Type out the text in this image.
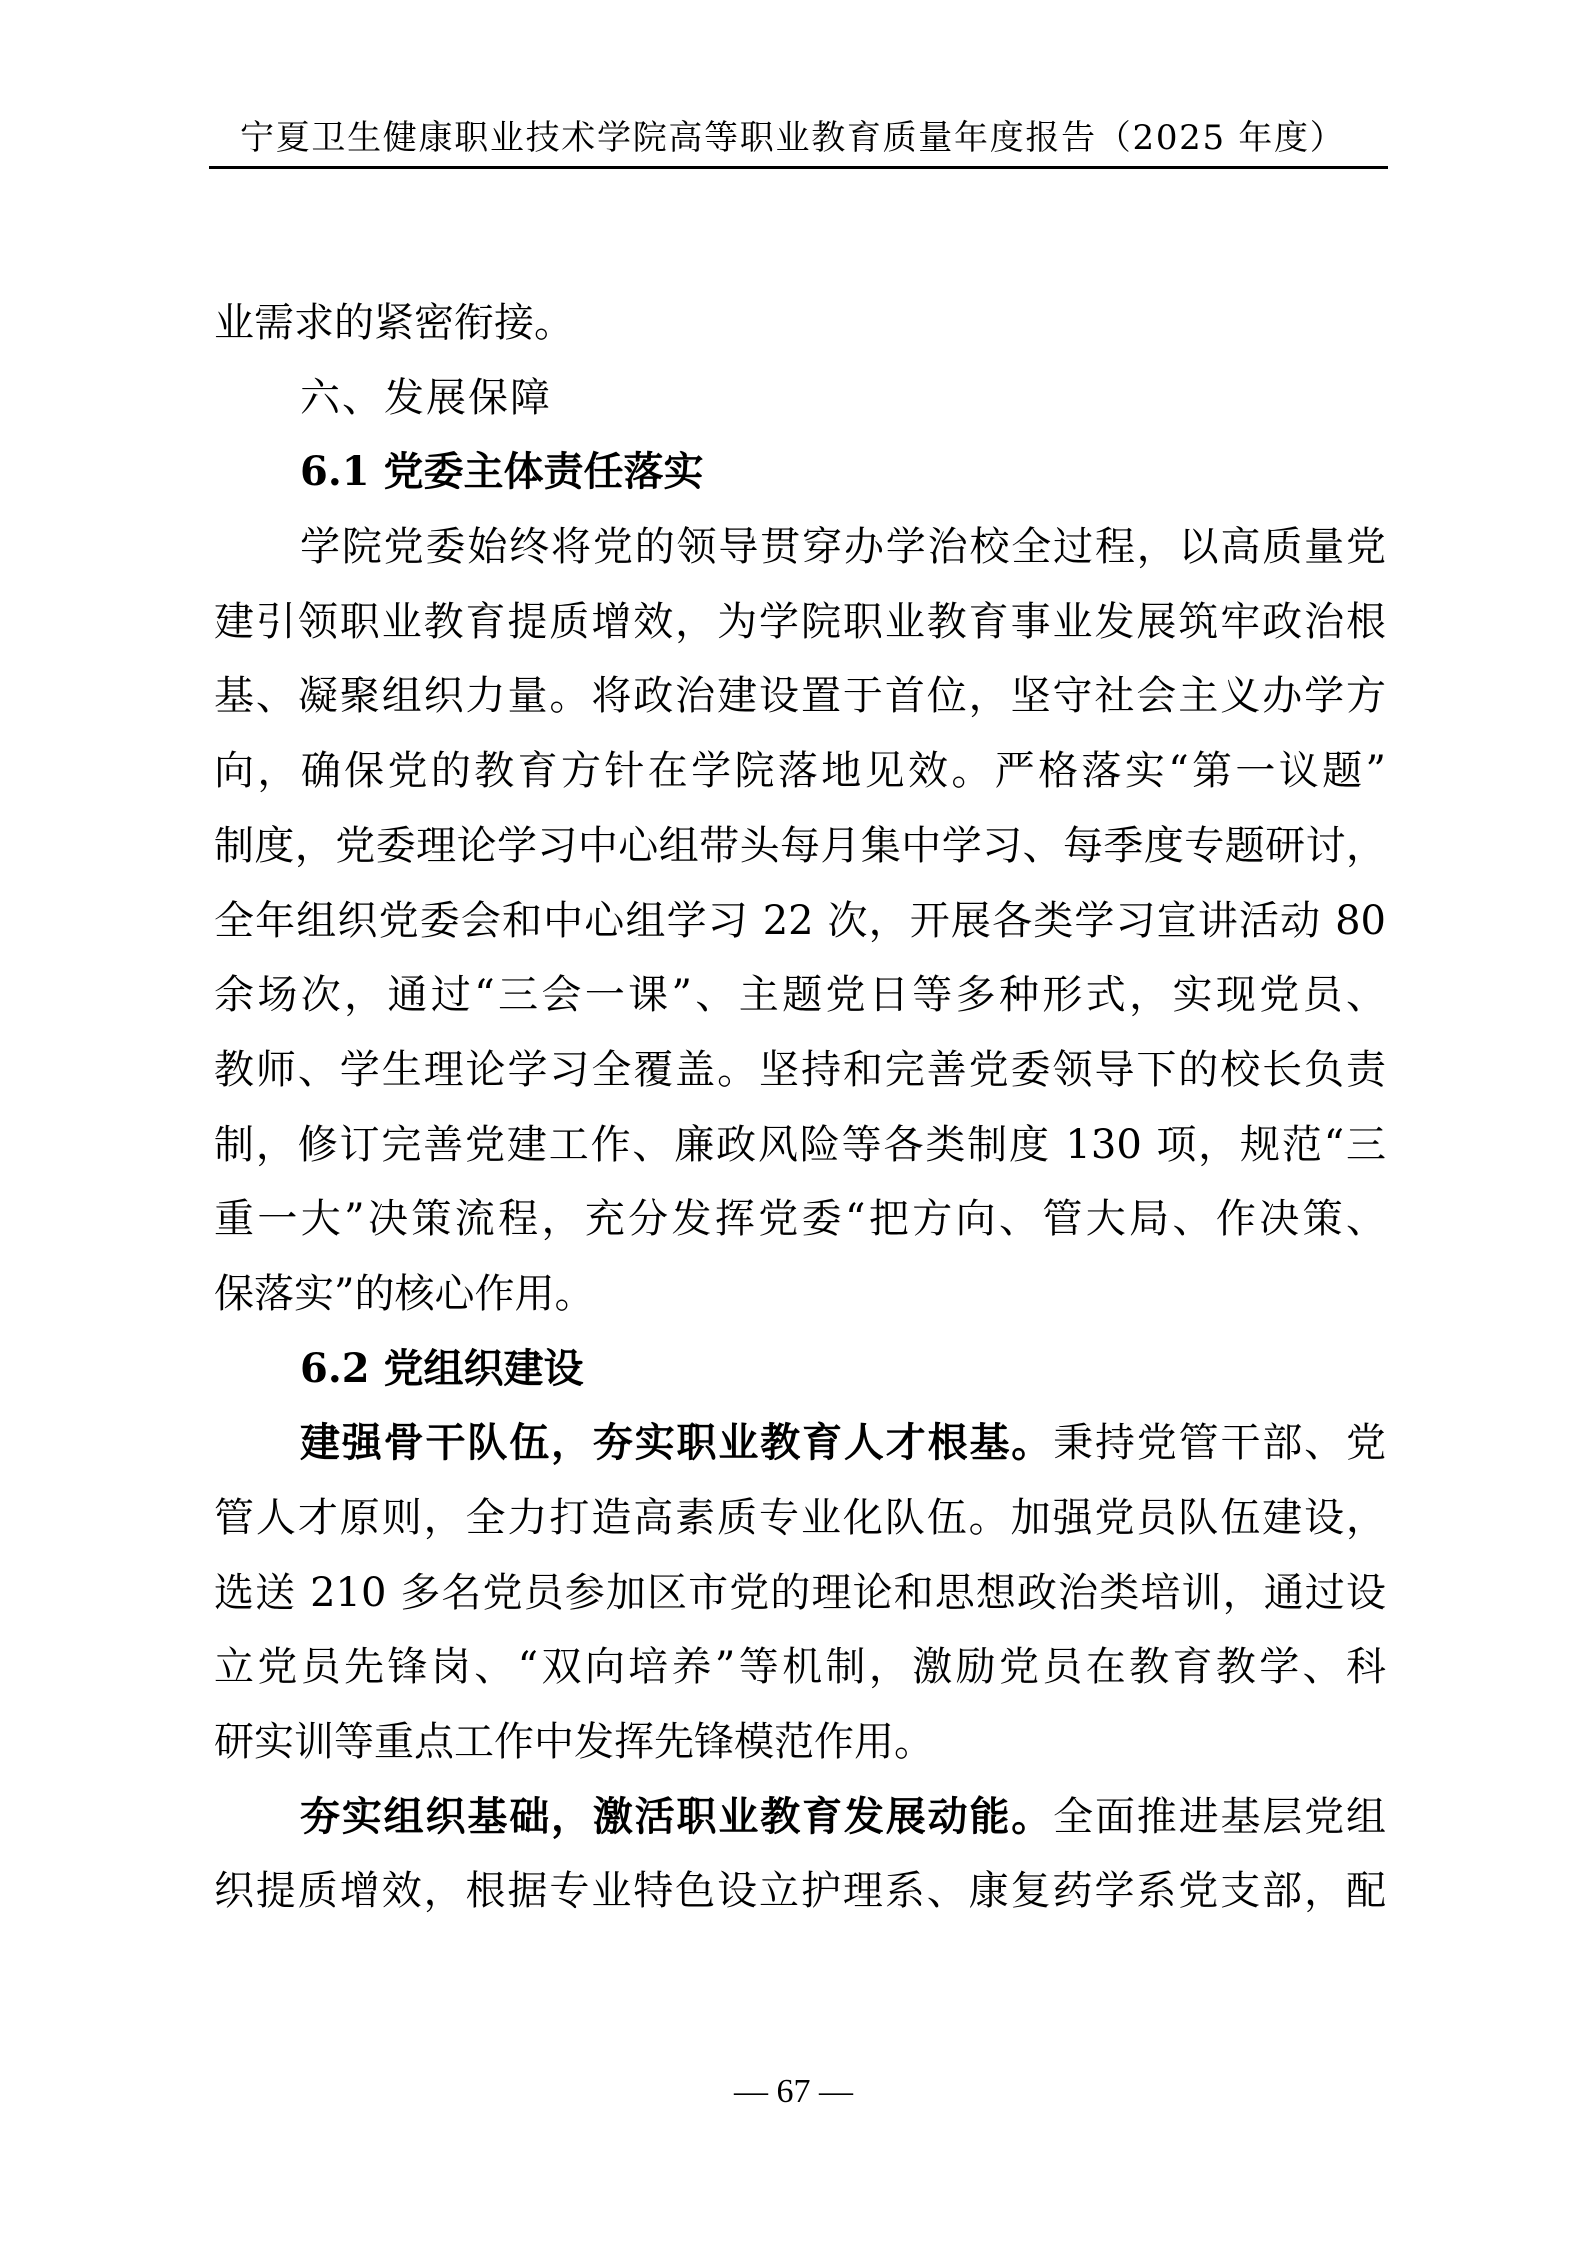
宁夏卫生健康职业技术学院高等职业教育质量年度报告（2025 年度）
业需求的紧密衔接。
六、发展保障
6.1 党委主体责任落实
学院党委始终将党的领导贯穿办学治校全过程，以高质量党
建引领职业教育提质增效，为学院职业教育事业发展筑牢政治根
基、凝聚组织力量。将政治建设置于首位，坚守社会主义办学方
向，确保党的教育方针在学院落地见效。严格落实“第一议题”
制度，党委理论学习中心组带头每月集中学习、每季度专题研讨，
全年组织党委会和中心组学习 22 次，开展各类学习宣讲活动 80
余场次，通过“三会一课”、主题党日等多种形式，实现党员、
教师、学生理论学习全覆盖。坚持和完善党委领导下的校长负责
制，修订完善党建工作、廉政风险等各类制度 130 项，规范“三
重一大”决策流程，充分发挥党委“把方向、管大局、作决策、
保落实”的核心作用。
6.2 党组织建设
建强骨干队伍，夯实职业教育人才根基。秉持党管干部、党
管人才原则，全力打造高素质专业化队伍。加强党员队伍建设，
选送 210 多名党员参加区市党的理论和思想政治类培训，通过设
立党员先锋岗、“双向培养”等机制，激励党员在教育教学、科
研实训等重点工作中发挥先锋模范作用。
夯实组织基础，激活职业教育发展动能。全面推进基层党组
织提质增效，根据专业特色设立护理系、康复药学系党支部，配
— 67 —
